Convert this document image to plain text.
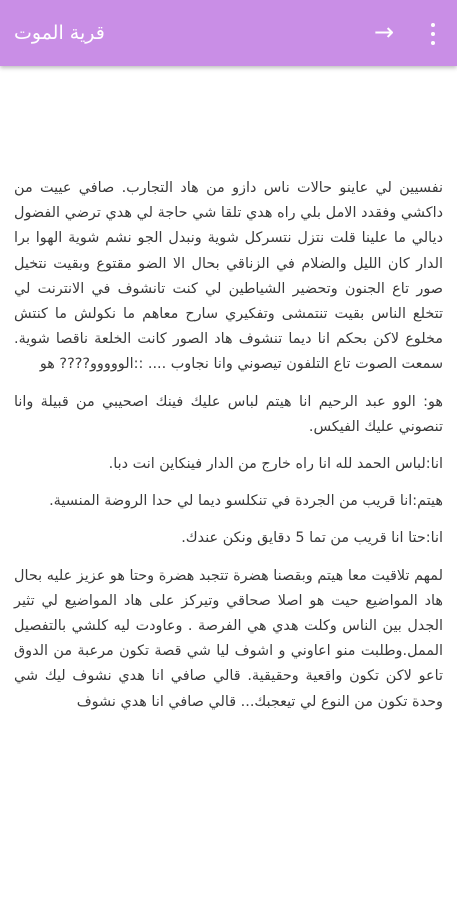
→
قرية الموت

نفسيين لي عاينو حالات ناس دازو من هاد التجارب. صافي عييت من داكشي وفقدد الامل بلي راه هدي تلقا شي حاجة لي هدي ترضي الفضول ديالي ما علينا قلت نتزل نتسركل شوية ونبدل الجو نشم شوية الهوا برا الدار كان الليل والضلام في الزناقي بحال الا الضو مقتوع وبقيت نتخيل صور تاع الجنون وتحضير الشياطين لي كنت تانشوف في الانترنت لي تتخلع الناس بقيت تنتمشى وتفكيري سارح معاهم ما نكولش ما كنتش مخلوع لاكن بحكم انا ديما تنشوف هاد الصور كانت الخلعة ناقصا شوية. سمعت الصوت تاع التلفون تيصوني وانا نجاوب .... ::الووووو???? هو

هو: الوو عبد الرحيم انا هيتم لباس عليك فينك اصحيبي من قبيلة وانا تنصوني عليك الفيكس.

انا:لباس الحمد لله انا راه خارج من الدار فينكاين انت دبا.

هيتم:انا قريب من الجردة في تنكلسو ديما لي حدا الروضة المنسية.

انا:حتا انا قريب من تما 5 دقايق ونكن عندك.

لمهم تلاقيت معا هيتم وبقصنا هضرة تتجبد هضرة وحتا هو عزيز عليه بحال هاد المواضيع حيت هو اصلا صحاقي وتيركز على هاد المواضيع لي تثير الجدل بين الناس وكلت هدي هي الفرصة . وعاودت ليه كلشي بالتفصيل الممل.وطلبت منو اعاوني و اشوف ليا شي قصة تكون مرعبة من الدوق تاعو لاكن تكون واقعية وحقيقية. قالي صافي انا هدي نشوف ليك شي وحدة تكون من النوع لي تيعجبك... قالي صافي انا هدي نشوف
